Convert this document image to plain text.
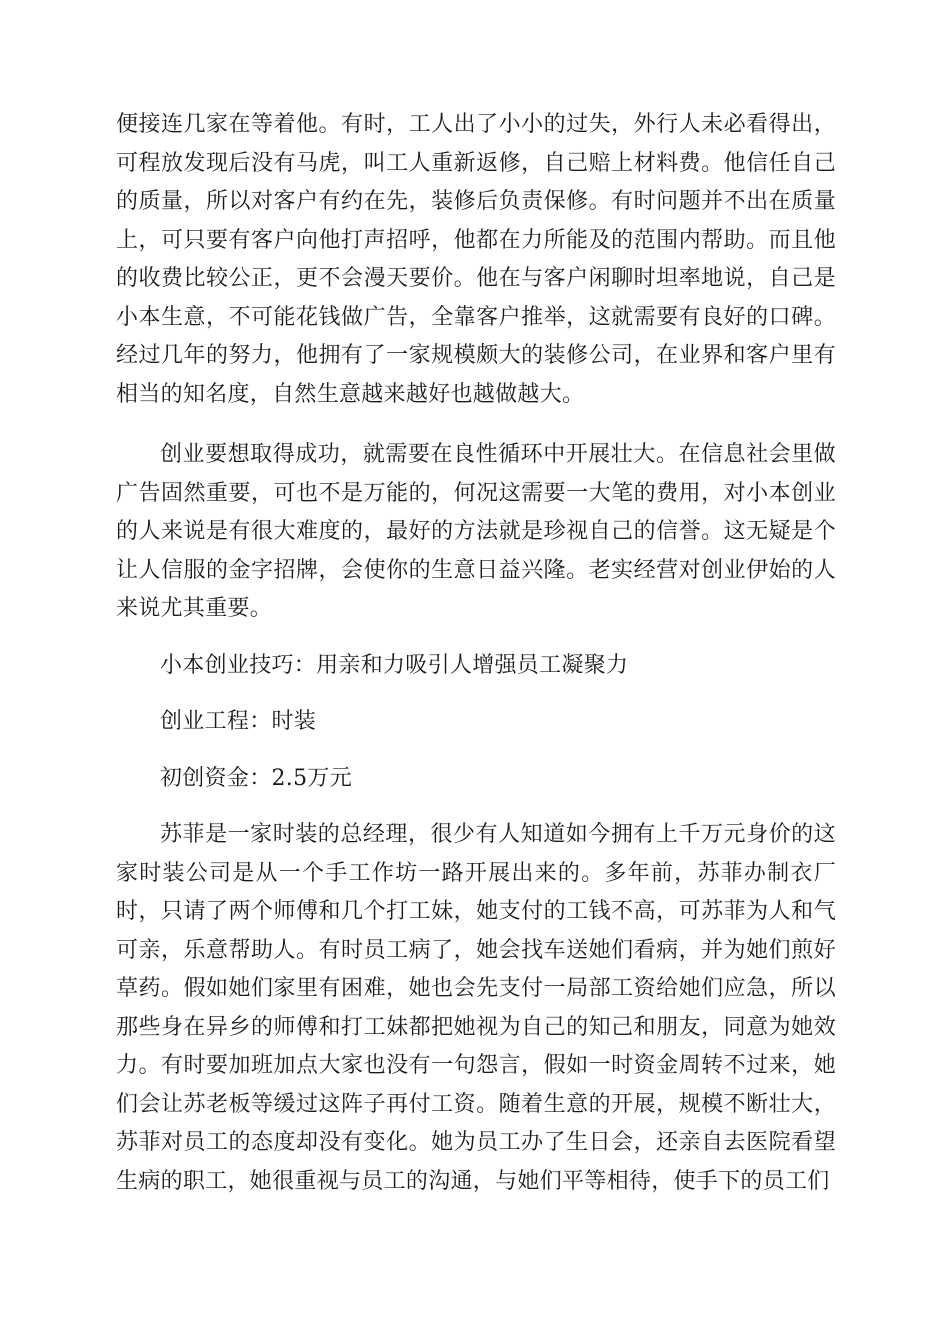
便接连几家在等着他。有时，工人出了小小的过失，外行人未必看得出，可程放发现后没有马虎，叫工人重新返修，自己赔上材料费。他信任自己的质量，所以对客户有约在先，装修后负责保修。有时问题并不出在质量上，可只要有客户向他打声招呼，他都在力所能及的范围内帮助。而且他的收费比较公正，更不会漫天要价。他在与客户闲聊时坦率地说，自己是小本生意，不可能花钱做广告，全靠客户推举，这就需要有良好的口碑。经过几年的努力，他拥有了一家规模颇大的装修公司，在业界和客户里有相当的知名度，自然生意越来越好也越做越大。

创业要想取得成功，就需要在良性循环中开展壮大。在信息社会里做广告固然重要，可也不是万能的，何况这需要一大笔的费用，对小本创业的人来说是有很大难度的，最好的方法就是珍视自己的信誉。这无疑是个让人信服的金字招牌，会使你的生意日益兴隆。老实经营对创业伊始的人来说尤其重要。

小本创业技巧：用亲和力吸引人增强员工凝聚力

创业工程：时装

初创资金：2.5万元

苏菲是一家时装的总经理，很少有人知道如今拥有上千万元身价的这家时装公司是从一个手工作坊一路开展出来的。多年前，苏菲办制衣厂时，只请了两个师傅和几个打工妹，她支付的工钱不高，可苏菲为人和气可亲，乐意帮助人。有时员工病了，她会找车送她们看病，并为她们煎好草药。假如她们家里有困难，她也会先支付一局部工资给她们应急，所以那些身在异乡的师傅和打工妹都把她视为自己的知己和朋友，同意为她效力。有时要加班加点大家也没有一句怨言，假如一时资金周转不过来，她们会让苏老板等缓过这阵子再付工资。随着生意的开展，规模不断壮大，苏菲对员工的态度却没有变化。她为员工办了生日会，还亲自去医院看望生病的职工，她很重视与员工的沟通，与她们平等相待，使手下的员工们
